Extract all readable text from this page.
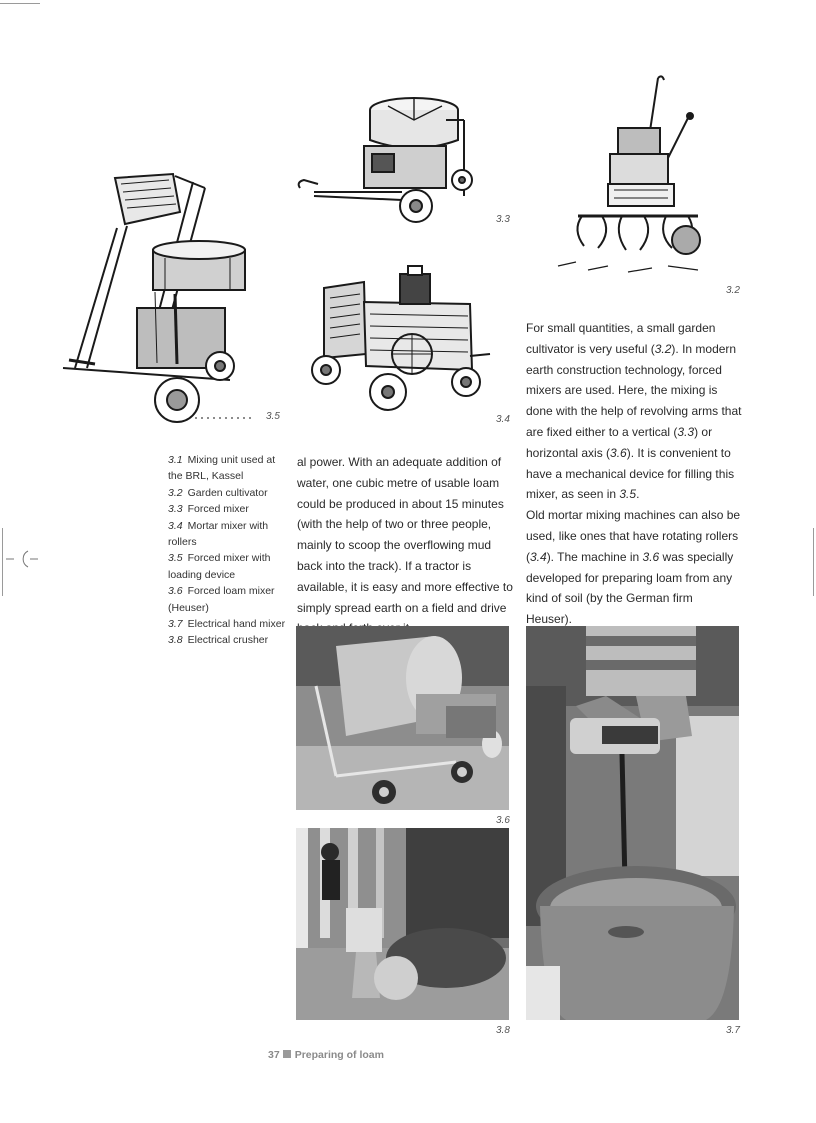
3.5
3.3
3.4
3.2
3.1 Mixing unit used at the BRL, Kassel
3.2 Garden cultivator
3.3 Forced mixer
3.4 Mortar mixer with rollers
3.5 Forced mixer with loading device
3.6 Forced loam mixer (Heuser)
3.7 Electrical hand mixer
3.8 Electrical crusher

al power. With an adequate addition of water, one cubic metre of usable loam could be produced in about 15 minutes (with the help of two or three people, mainly to scoop the overflowing mud back into the track). If a tractor is available, it is easy and more effective to simply spread earth on a field and drive

For small quantities, a small garden cultivator is very useful (3.2). In modern earth construction technology, forced mixers are used. Here, the mixing is done with the help of revolving arms that are fixed either to a vertical (3.3) or horizontal axis (3.6). It is convenient to have a mechanical device for filling this mixer, as seen in 3.5.

Old mortar mixing machines can also be used, like ones that have rotating rollers (3.4). The machine in 3.6 was specially developed for preparing loam from any kind of soil (by the German firm Heuser).

3.6
3.8	3.7
37 Preparing of loam
